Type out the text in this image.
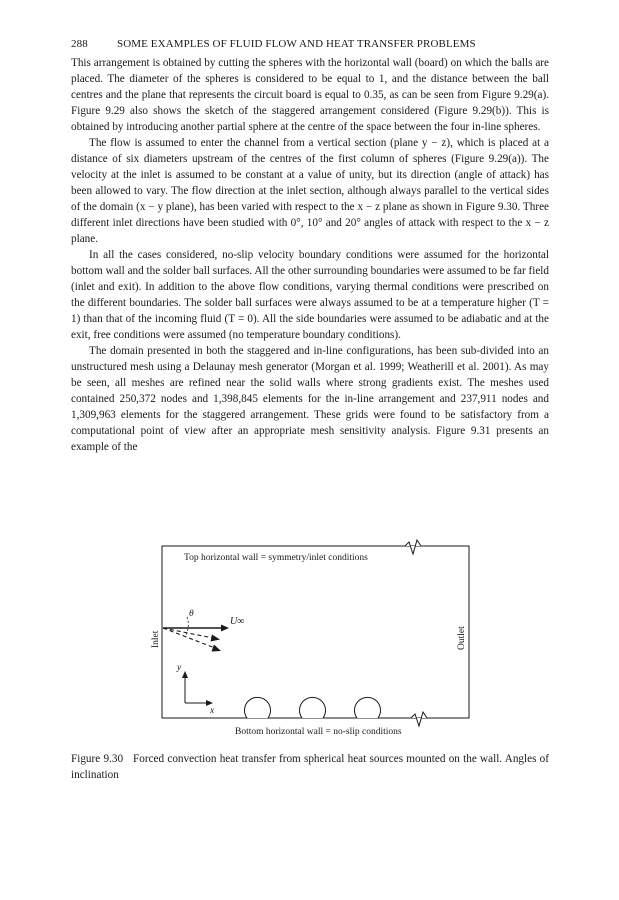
288	SOME EXAMPLES OF FLUID FLOW AND HEAT TRANSFER PROBLEMS

This arrangement is obtained by cutting the spheres with the horizontal wall (board) on which the balls are placed. The diameter of the spheres is considered to be equal to 1, and the distance between the ball centres and the plane that represents the circuit board is equal to 0.35, as can be seen from Figure 9.29(a). Figure 9.29 also shows the sketch of the staggered arrangement considered (Figure 9.29(b)). This is obtained by introducing another partial sphere at the centre of the space between the four in-line spheres.

The flow is assumed to enter the channel from a vertical section (plane y − z), which is placed at a distance of six diameters upstream of the centres of the first column of spheres (Figure 9.29(a)). The velocity at the inlet is assumed to be constant at a value of unity, but its direction (angle of attack) has been allowed to vary. The flow direction at the inlet section, although always parallel to the vertical sides of the domain (x − y plane), has been varied with respect to the x − z plane as shown in Figure 9.30. Three different inlet directions have been studied with 0°, 10° and 20° angles of attack with respect to the x − z plane.

In all the cases considered, no-slip velocity boundary conditions were assumed for the horizontal bottom wall and the solder ball surfaces. All the other surrounding boundaries were assumed to be far field (inlet and exit). In addition to the above flow conditions, varying thermal conditions were prescribed on the different boundaries. The solder ball surfaces were always assumed to be at a temperature higher (T = 1) than that of the incoming fluid (T = 0). All the side boundaries were assumed to be adiabatic and at the exit, free conditions were assumed (no temperature boundary conditions).

The domain presented in both the staggered and in-line configurations, has been sub-divided into an unstructured mesh using a Delaunay mesh generator (Morgan et al. 1999; Weatherill et al. 2001). As may be seen, all meshes are refined near the solid walls where strong gradients exist. The meshes used contained 250,372 nodes and 1,398,845 elements for the in-line arrangement and 237,911 nodes and 1,309,963 elements for the staggered arrangement. These grids were found to be satisfactory from a computational point of view after an appropriate mesh sensitivity analysis. Figure 9.31 presents an example of the

Top horizontal wall = symmetry/inlet conditions
Bottom horizontal wall = no-slip conditions
Inlet	Outlet
θ
U∞
y
x
Figure 9.30 Forced convection heat transfer from spherical heat sources mounted on the wall. Angles of inclination
